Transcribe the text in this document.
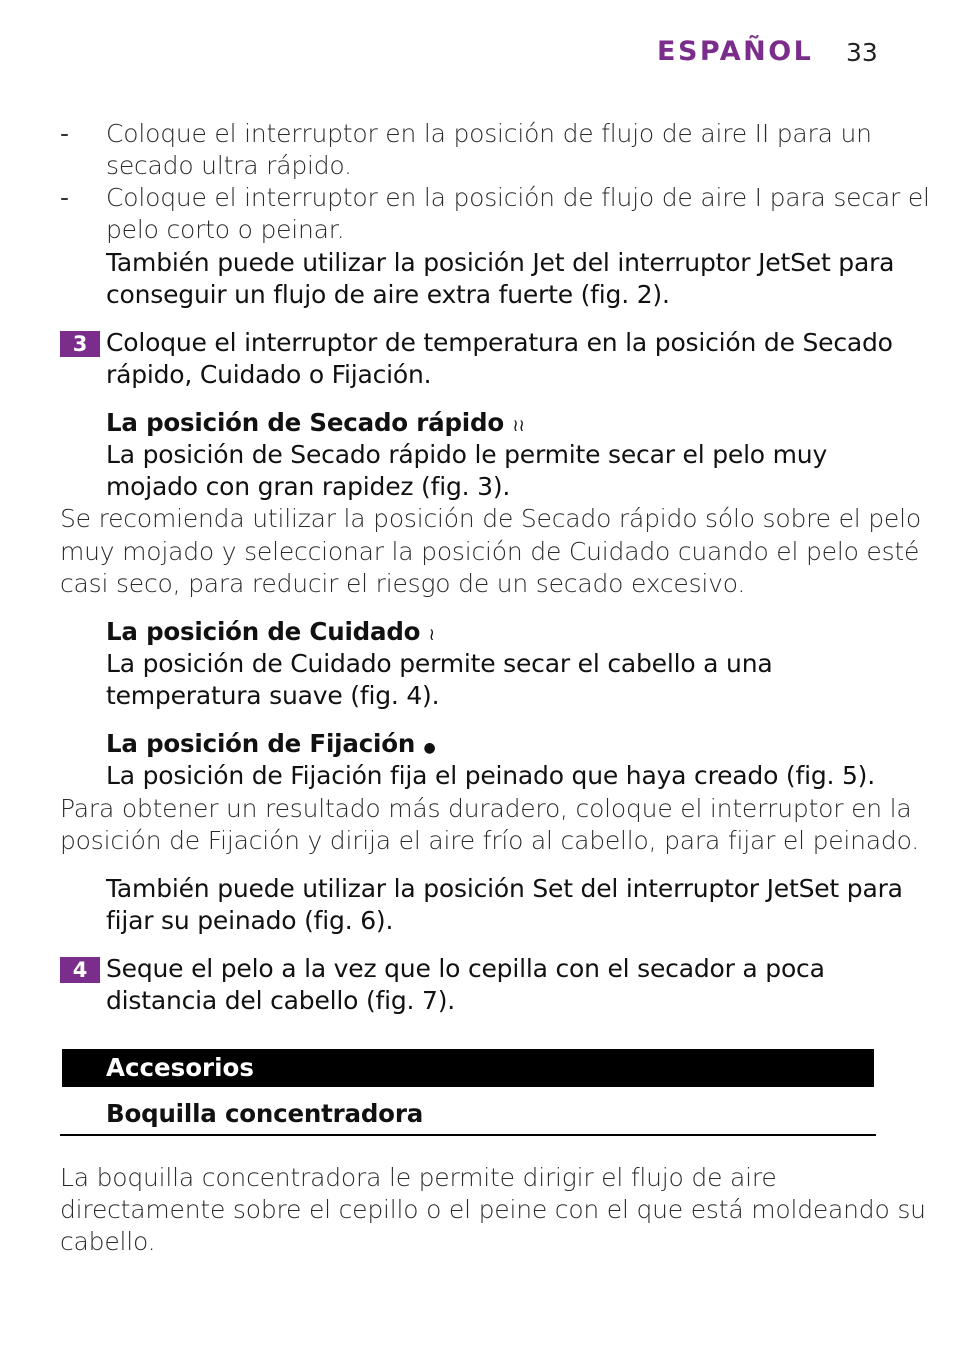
ESPAÑOL 33
- Coloque el interruptor en la posición de flujo de aire II para un
secado ultra rápido.
- Coloque el interruptor en la posición de flujo de aire I para secar el
pelo corto o peinar.
También puede utilizar la posición Jet del interruptor JetSet para
conseguir un flujo de aire extra fuerte (fig. 2).
3 Coloque el interruptor de temperatura en la posición de Secado
rápido, Cuidado o Fijación.
La posición de Secado rápido ≀≀
La posición de Secado rápido le permite secar el pelo muy
mojado con gran rapidez (fig. 3).
Se recomienda utilizar la posición de Secado rápido sólo sobre el pelo
muy mojado y seleccionar la posición de Cuidado cuando el pelo esté
casi seco, para reducir el riesgo de un secado excesivo.
La posición de Cuidado ≀
La posición de Cuidado permite secar el cabello a una
temperatura suave (fig. 4).
La posición de Fijación ●
La posición de Fijación fija el peinado que haya creado (fig. 5).
Para obtener un resultado más duradero, coloque el interruptor en la
posición de Fijación y dirija el aire frío al cabello, para fijar el peinado.
También puede utilizar la posición Set del interruptor JetSet para
fijar su peinado (fig. 6).
4 Seque el pelo a la vez que lo cepilla con el secador a poca
distancia del cabello (fig. 7).
Accesorios
Boquilla concentradora
La boquilla concentradora le permite dirigir el flujo de aire
directamente sobre el cepillo o el peine con el que está moldeando su
cabello.
